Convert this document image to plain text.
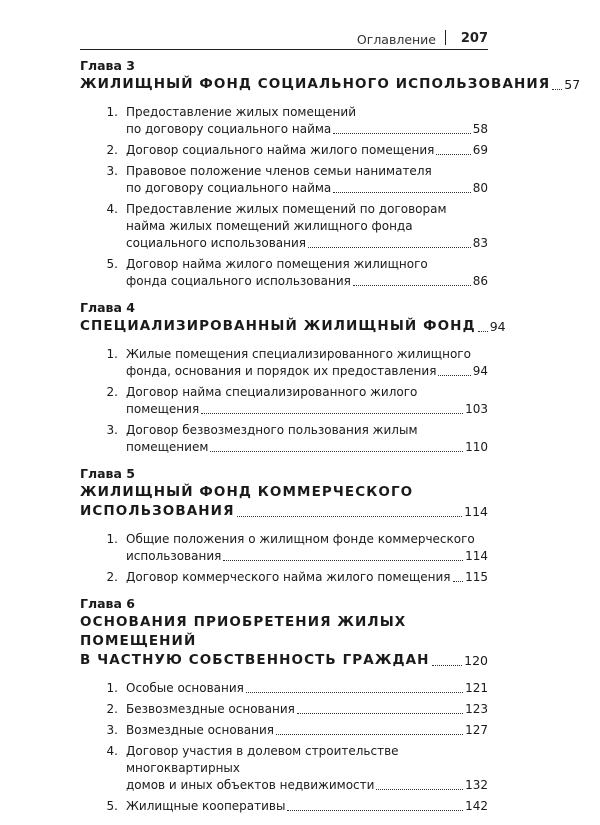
Оглавление 207
Глава 3
ЖИЛИЩНЫЙ ФОНД СОЦИАЛЬНОГО ИСПОЛЬЗОВАНИЯ 57
1. Предоставление жилых помещений
по договору социального найма	58
2. Договор социального найма жилого помещения	69
3. Правовое положение членов семьи нанимателя
по договору социального найма	80
4. Предоставление жилых помещений по договорам
найма жилых помещений жилищного фонда
социального использования	83
5. Договор найма жилого помещения жилищного
фонда социального использования	86
Глава 4
СПЕЦИАЛИЗИРОВАННЫЙ ЖИЛИЩНЫЙ ФОНД 94
1. Жилые помещения специализированного жилищного
фонда, основания и порядок их предоставления	94
2. Договор найма специализированного жилого
помещения	103
3. Договор безвозмездного пользования жилым
помещением	110
Глава 5
ЖИЛИЩНЫЙ ФОНД КОММЕРЧЕСКОГО
ИСПОЛЬЗОВАНИЯ	114
1. Общие положения о жилищном фонде коммерческого
использования	114
2. Договор коммерческого найма жилого помещения 115
Глава 6
ОСНОВАНИЯ ПРИОБРЕТЕНИЯ ЖИЛЫХ ПОМЕЩЕНИЙ
В ЧАСТНУЮ СОБСТВЕННОСТЬ ГРАЖДАН	120
1. Особые основания	121
2. Безвозмездные основания	123
3. Возмездные основания	127
4. Договор участия в долевом строительстве многоквартирных
домов и иных объектов недвижимости	132
5. Жилищные кооперативы	142
